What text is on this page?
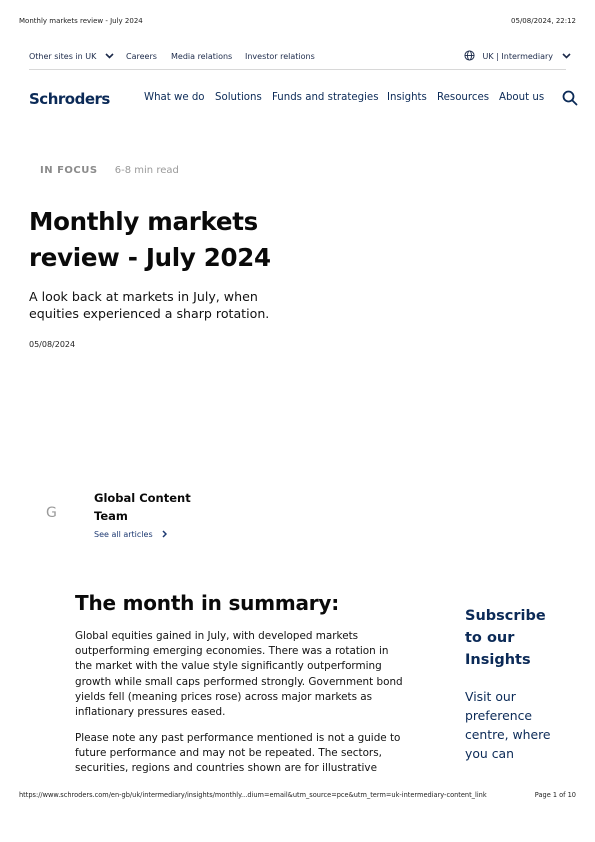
Monthly markets review - July 2024	05/08/2024, 22:12
Other sites in UK	Careers Media relations Investor relations	UK | Intermediary
Schroders	What we do Solutions Funds and strategies Insights Resources About us
IN FOCUS 6-8 min read
Monthly markets review - July 2024

A look back at markets in July, when equities experienced a sharp rotation.

05/08/2024
G
Global Content Team
See all articles
The month in summary:

Global equities gained in July, with developed markets outperforming emerging economies. There was a rotation in the market with the value style significantly outperforming growth while small caps performed strongly. Government bond yields fell (meaning prices rose) across major markets as inflationary pressures eased.

Please note any past performance mentioned is not a guide to future performance and may not be repeated. The sectors, securities, regions and countries shown are for illustrative

Subscribe to our Insights
Visit our preference centre, where you can
https://www.schroders.com/en-gb/uk/intermediary/insights/monthly...dium=email&utm_source=pce&utm_term=uk-intermediary-content_link	Page 1 of 10
